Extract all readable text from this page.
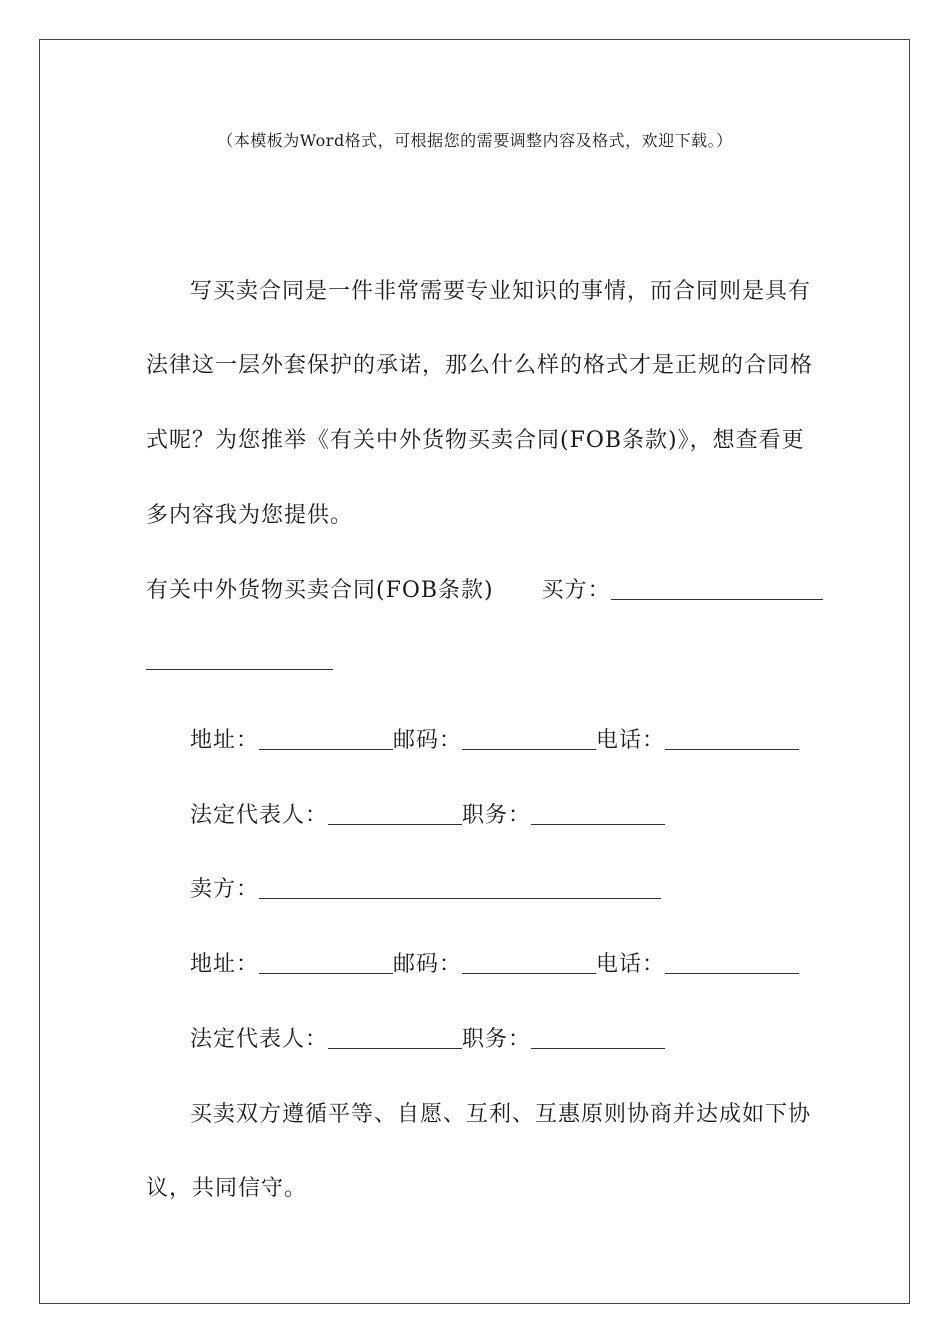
（本模板为Word格式，可根据您的需要调整内容及格式，欢迎下载。）
写买卖合同是一件非常需要专业知识的事情，而合同则是具有
法律这一层外套保护的承诺，那么什么样的格式才是正规的合同格
式呢？为您推举《有关中外货物买卖合同(FOB条款)》，想查看更
多内容我为您提供。
有关中外货物买卖合同(FOB条款) 买方：
地址：	邮码：	电话：
法定代表人：	职务：
卖方：
地址：	邮码：	电话：
法定代表人：	职务：
买卖双方遵循平等、自愿、互利、互惠原则协商并达成如下协
议，共同信守。
